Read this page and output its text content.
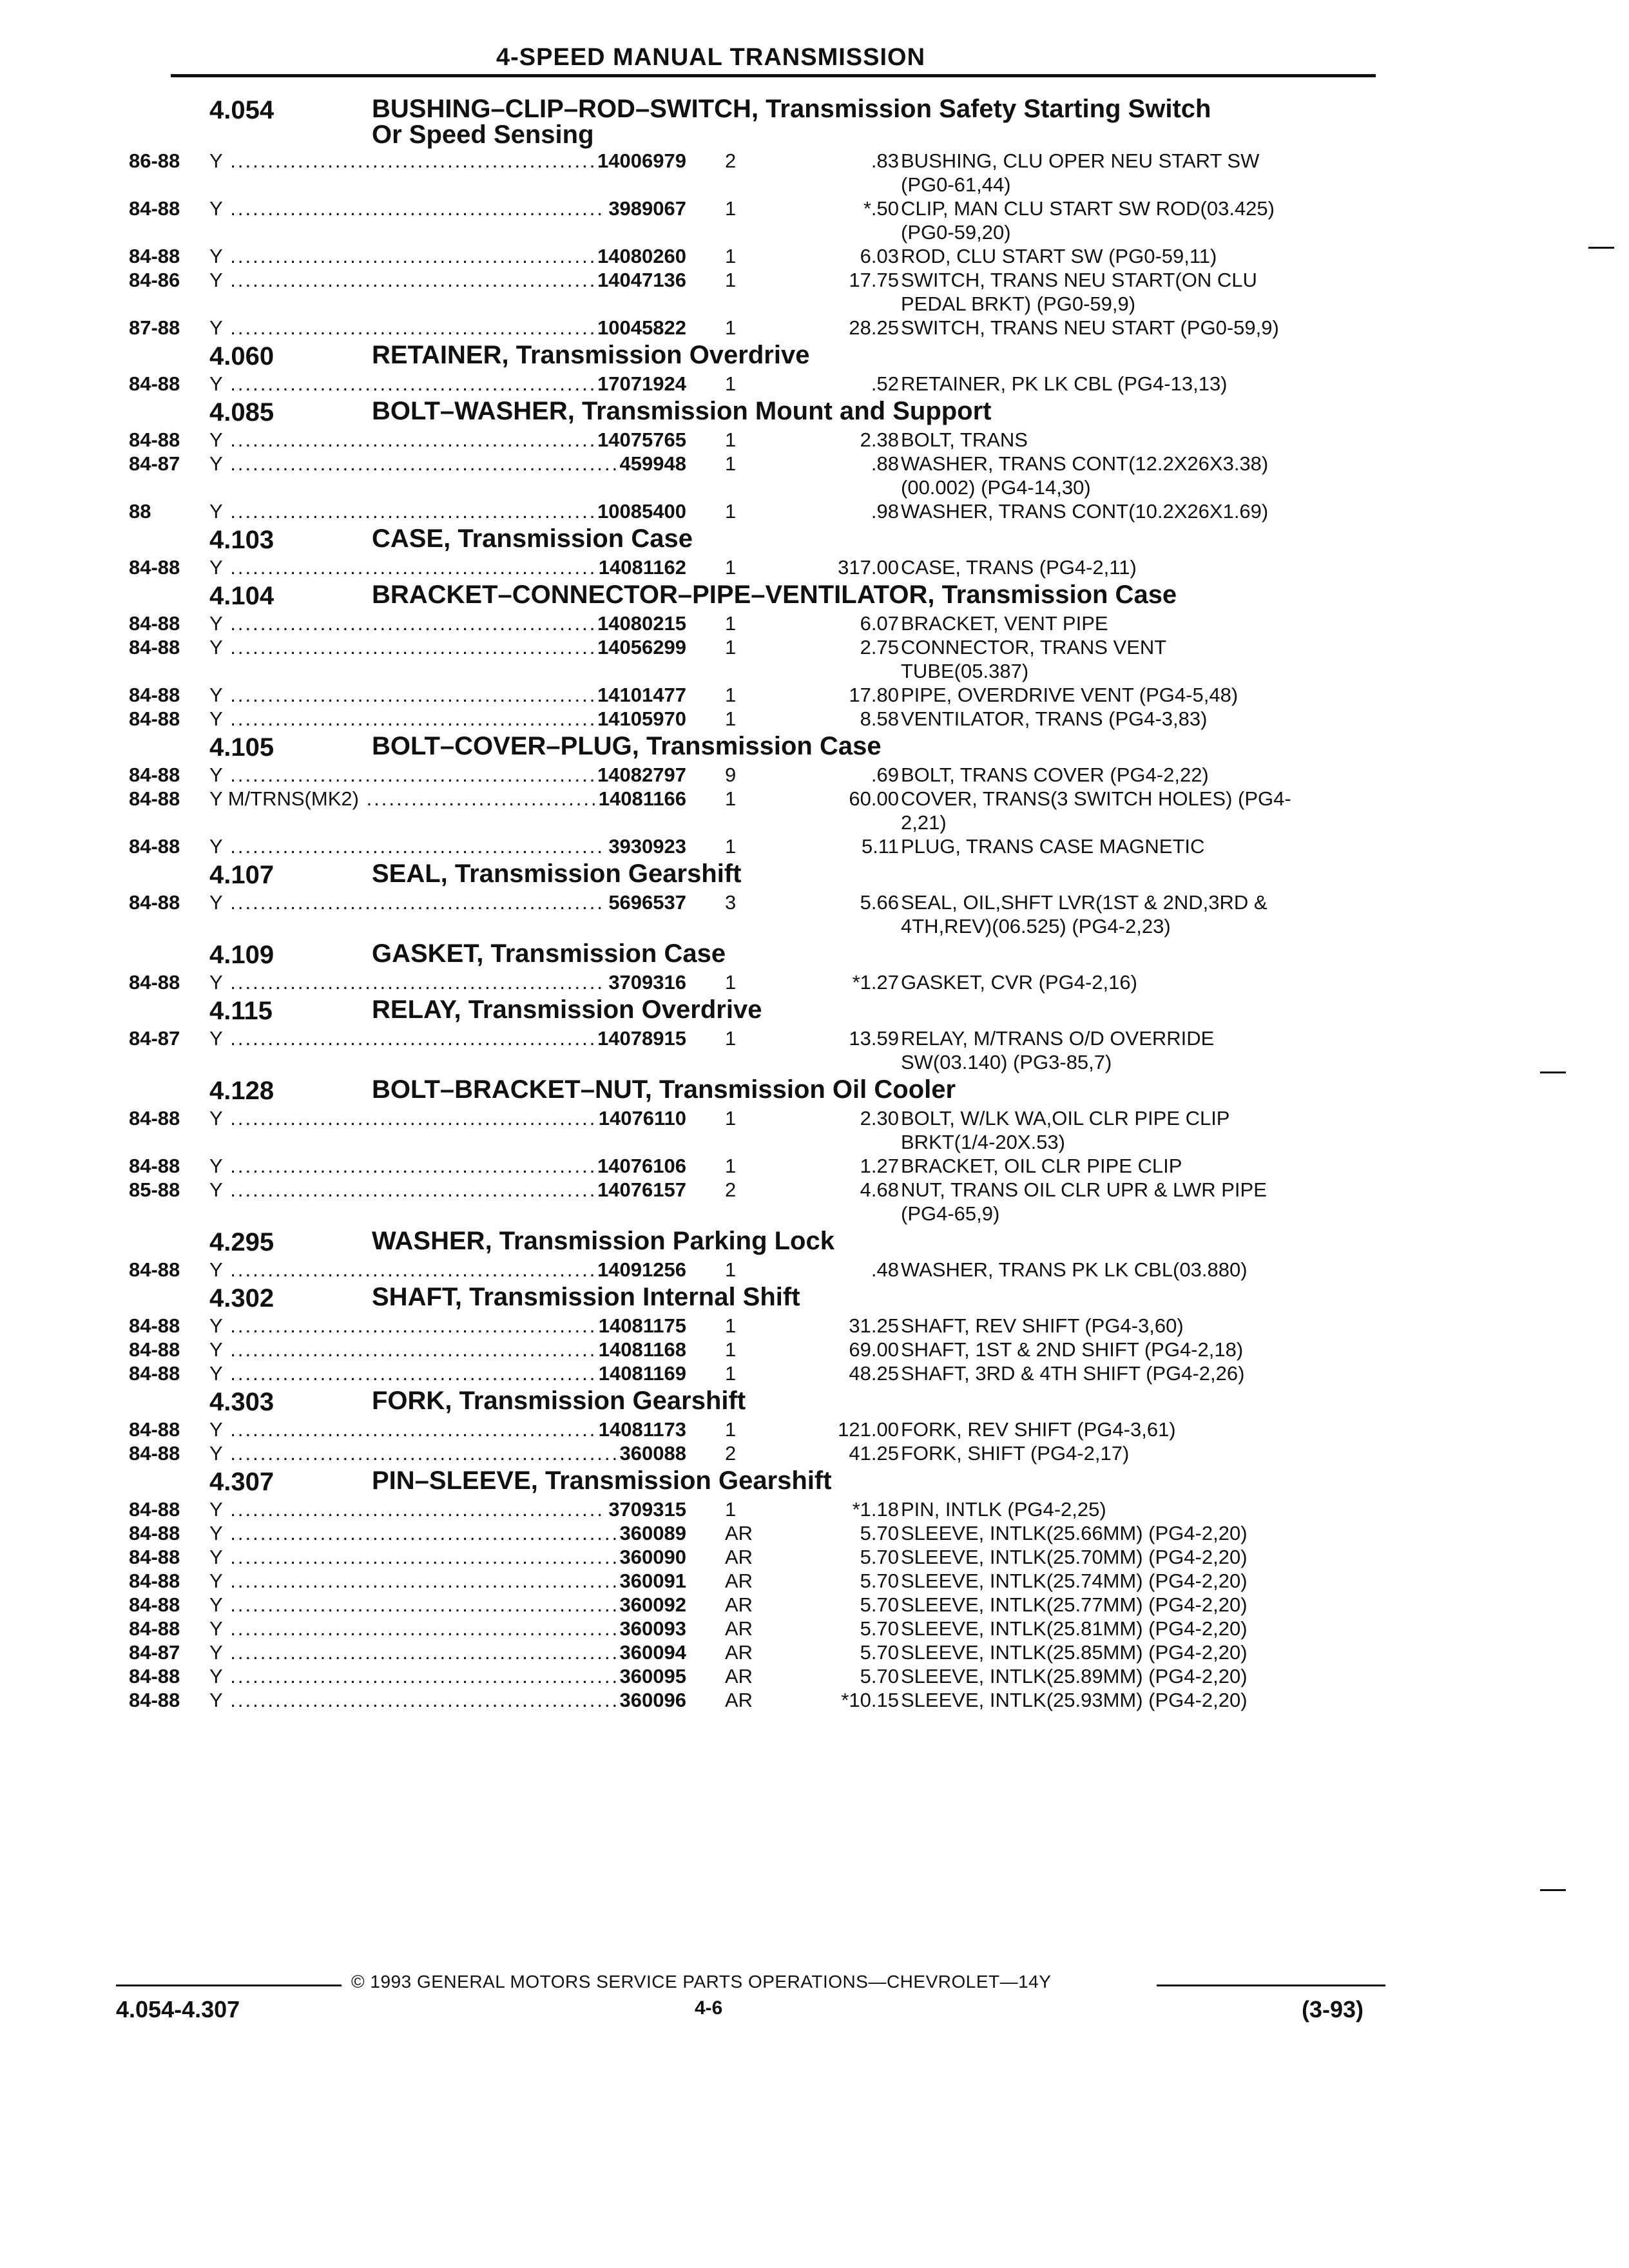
4-SPEED MANUAL TRANSMISSION
4.054	BUSHING–CLIP–ROD–SWITCH, Transmission Safety Starting Switch
Or Speed Sensing
86-88 Y .....	14006979 2	.83 BUSHING, CLU OPER NEU START SW
(PG0-61,44)
84-88 Y .....	3989067 1	*.50 CLIP, MAN CLU START SW ROD(03.425)
(PG0-59,20)
84-88 Y .....	14080260 1	6.03 ROD, CLU START SW (PG0-59,11)
84-86 Y .....	14047136 1	17.75 SWITCH, TRANS NEU START(ON CLU
PEDAL BRKT) (PG0-59,9)
87-88 Y .....	10045822 1	28.25 SWITCH, TRANS NEU START (PG0-59,9)
4.060	RETAINER, Transmission Overdrive
84-88 Y .....	17071924 1	.52 RETAINER, PK LK CBL (PG4-13,13)
4.085	BOLT–WASHER, Transmission Mount and Support
84-88 Y .....	14075765 1	2.38 BOLT, TRANS
84-87 Y .....	459948 1	.88 WASHER, TRANS CONT(12.2X26X3.38)
(00.002) (PG4-14,30)
88	Y .....	10085400 1	.98 WASHER, TRANS CONT(10.2X26X1.69)
4.103	CASE, Transmission Case
84-88 Y .....	14081162 1	317.00 CASE, TRANS (PG4-2,11)
4.104	BRACKET–CONNECTOR–PIPE–VENTILATOR, Transmission Case
84-88 Y .....	14080215 1	6.07 BRACKET, VENT PIPE
84-88 Y .....	14056299 1	2.75 CONNECTOR, TRANS VENT
TUBE(05.387)
84-88 Y .....	14101477 1	17.80 PIPE, OVERDRIVE VENT (PG4-5,48)
84-88 Y .....	14105970 1	8.58 VENTILATOR, TRANS (PG4-3,83)
4.105	BOLT–COVER–PLUG, Transmission Case
84-88 Y .....	14082797 9	.69 BOLT, TRANS COVER (PG4-2,22)
84-88 Y M/TRNS(MK2) .....	14081166 1	60.00 COVER, TRANS(3 SWITCH HOLES) (PG4-
2,21)
84-88 Y .....	3930923 1	5.11 PLUG, TRANS CASE MAGNETIC
4.107	SEAL, Transmission Gearshift
84-88 Y .....	5696537 3	5.66 SEAL, OIL,SHFT LVR(1ST & 2ND,3RD &
4TH,REV)(06.525) (PG4-2,23)
4.109	GASKET, Transmission Case
84-88 Y .....	3709316 1	*1.27 GASKET, CVR (PG4-2,16)
4.115	RELAY, Transmission Overdrive
84-87 Y .....	14078915 1	13.59 RELAY, M/TRANS O/D OVERRIDE
SW(03.140) (PG3-85,7)
4.128	BOLT–BRACKET–NUT, Transmission Oil Cooler
84-88 Y .....	14076110 1	2.30 BOLT, W/LK WA,OIL CLR PIPE CLIP
BRKT(1/4-20X.53)
84-88 Y .....	14076106 1	1.27 BRACKET, OIL CLR PIPE CLIP
85-88 Y .....	14076157 2	4.68 NUT, TRANS OIL CLR UPR & LWR PIPE
(PG4-65,9)
4.295	WASHER, Transmission Parking Lock
84-88 Y .....	14091256 1	.48 WASHER, TRANS PK LK CBL(03.880)
4.302	SHAFT, Transmission Internal Shift
84-88 Y .....	14081175 1	31.25 SHAFT, REV SHIFT (PG4-3,60)
84-88 Y .....	14081168 1	69.00 SHAFT, 1ST & 2ND SHIFT (PG4-2,18)
84-88 Y .....	14081169 1	48.25 SHAFT, 3RD & 4TH SHIFT (PG4-2,26)
4.303	FORK, Transmission Gearshift
84-88 Y .....	14081173 1	121.00 FORK, REV SHIFT (PG4-3,61)
84-88 Y .....	360088 2	41.25 FORK, SHIFT (PG4-2,17)
4.307	PIN–SLEEVE, Transmission Gearshift
84-88 Y .....	3709315 1	*1.18 PIN, INTLK (PG4-2,25)
84-88 Y .....	360089 AR	5.70 SLEEVE, INTLK(25.66MM) (PG4-2,20)
84-88 Y .....	360090 AR	5.70 SLEEVE, INTLK(25.70MM) (PG4-2,20)
84-88 Y .....	360091 AR	5.70 SLEEVE, INTLK(25.74MM) (PG4-2,20)
84-88 Y .....	360092 AR	5.70 SLEEVE, INTLK(25.77MM) (PG4-2,20)
84-88 Y .....	360093 AR	5.70 SLEEVE, INTLK(25.81MM) (PG4-2,20)
84-87 Y .....	360094 AR	5.70 SLEEVE, INTLK(25.85MM) (PG4-2,20)
84-88 Y .....	360095 AR	5.70 SLEEVE, INTLK(25.89MM) (PG4-2,20)
84-88 Y .....	360096 AR	*10.15 SLEEVE, INTLK(25.93MM) (PG4-2,20)
© 1993 GENERAL MOTORS SERVICE PARTS OPERATIONS—CHEVROLET—14Y
4.054-4.307	4-6	(3-93)
